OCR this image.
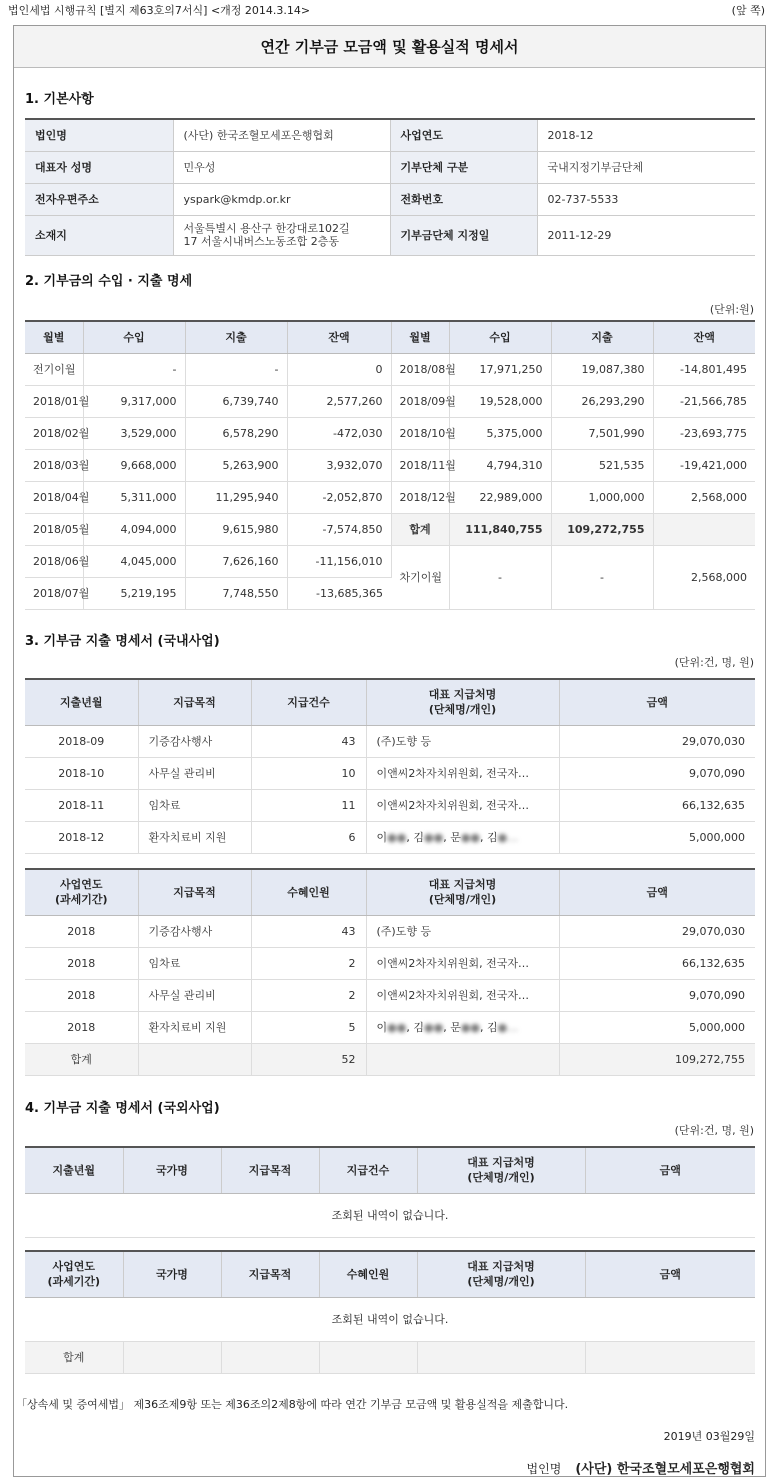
법인세법 시행규칙 [별지 제63호의7서식] <개정 2014.3.14>	(앞 쪽)
연간 기부금 모금액 및 활용실적 명세서
1. 기본사항
법인명	(사단) 한국조혈모세포은행협회	사업연도	2018-12
대표자 성명	민우성	기부단체 구분	국내지정기부금단체
전자우편주소	yspark@kmdp.or.kr	전화번호	02-737-5533
소재지	서울특별시 용산구 한강대로102길
17 서울시내버스노동조합 2층동	기부금단체 지정일	2011-12-29
2. 기부금의 수입 · 지출 명세
(단위:원)
월별	수입	지출	잔액	월별	수입	지출	잔액
전기이월	-	-	0	2018/08월	17,971,250	19,087,380	-14,801,495
2018/01월	9,317,000	6,739,740	2,577,260	2018/09월	19,528,000	26,293,290	-21,566,785
2018/02월	3,529,000	6,578,290	-472,030	2018/10월	5,375,000	7,501,990	-23,693,775
2018/03월	9,668,000	5,263,900	3,932,070	2018/11월	4,794,310	521,535	-19,421,000
2018/04월	5,311,000	11,295,940	-2,052,870	2018/12월	22,989,000	1,000,000	2,568,000
2018/05월	4,094,000	9,615,980	-7,574,850	합계	111,840,755	109,272,755	
2018/06월	4,045,000	7,626,160	-11,156,010	차기이월	-	-	2,568,000
2018/07월	5,219,195	7,748,550	-13,685,365				
3. 기부금 지출 명세서 (국내사업)
(단위:건, 명, 원)
지출년월	지급목적	지급건수	대표 지급처명
(단체명/개인)	금액
2018-09	기증감사행사	43	(주)도향 등	29,070,030
2018-10	사무실 관리비	10	이앤씨2차자치위원회, 전국자…	9,070,090
2018-11	임차료	11	이앤씨2차자치위원회, 전국자…	66,132,635
2018-12	환자치료비 지원	6	이●●, 김●●, 문●●, 김●…	5,000,000
사업연도
(과세기간)	지급목적	수혜인원	대표 지급처명
(단체명/개인)	금액
2018	기증감사행사	43	(주)도향 등	29,070,030
2018	임차료	2	이앤씨2차자치위원회, 전국자…	66,132,635
2018	사무실 관리비	2	이앤씨2차자치위원회, 전국자…	9,070,090
2018	환자치료비 지원	5	이●●, 김●●, 문●●, 김●…	5,000,000
합계		52		109,272,755
4. 기부금 지출 명세서 (국외사업)
(단위:건, 명, 원)
지출년월	국가명	지급목적	지급건수	대표 지급처명
(단체명/개인)	금액
조회된 내역이 없습니다.
사업연도
(과세기간)	국가명	지급목적	수혜인원	대표 지급처명
(단체명/개인)	금액
조회된 내역이 없습니다.					
합계					
「상속세 및 증여세법」 제36조제9항 또는 제36조의2제8항에 따라 연간 기부금 모금액 및 활용실적을 제출합니다.
2019년 03월29일
법인명 (사단) 한국조혈모세포은행협회
